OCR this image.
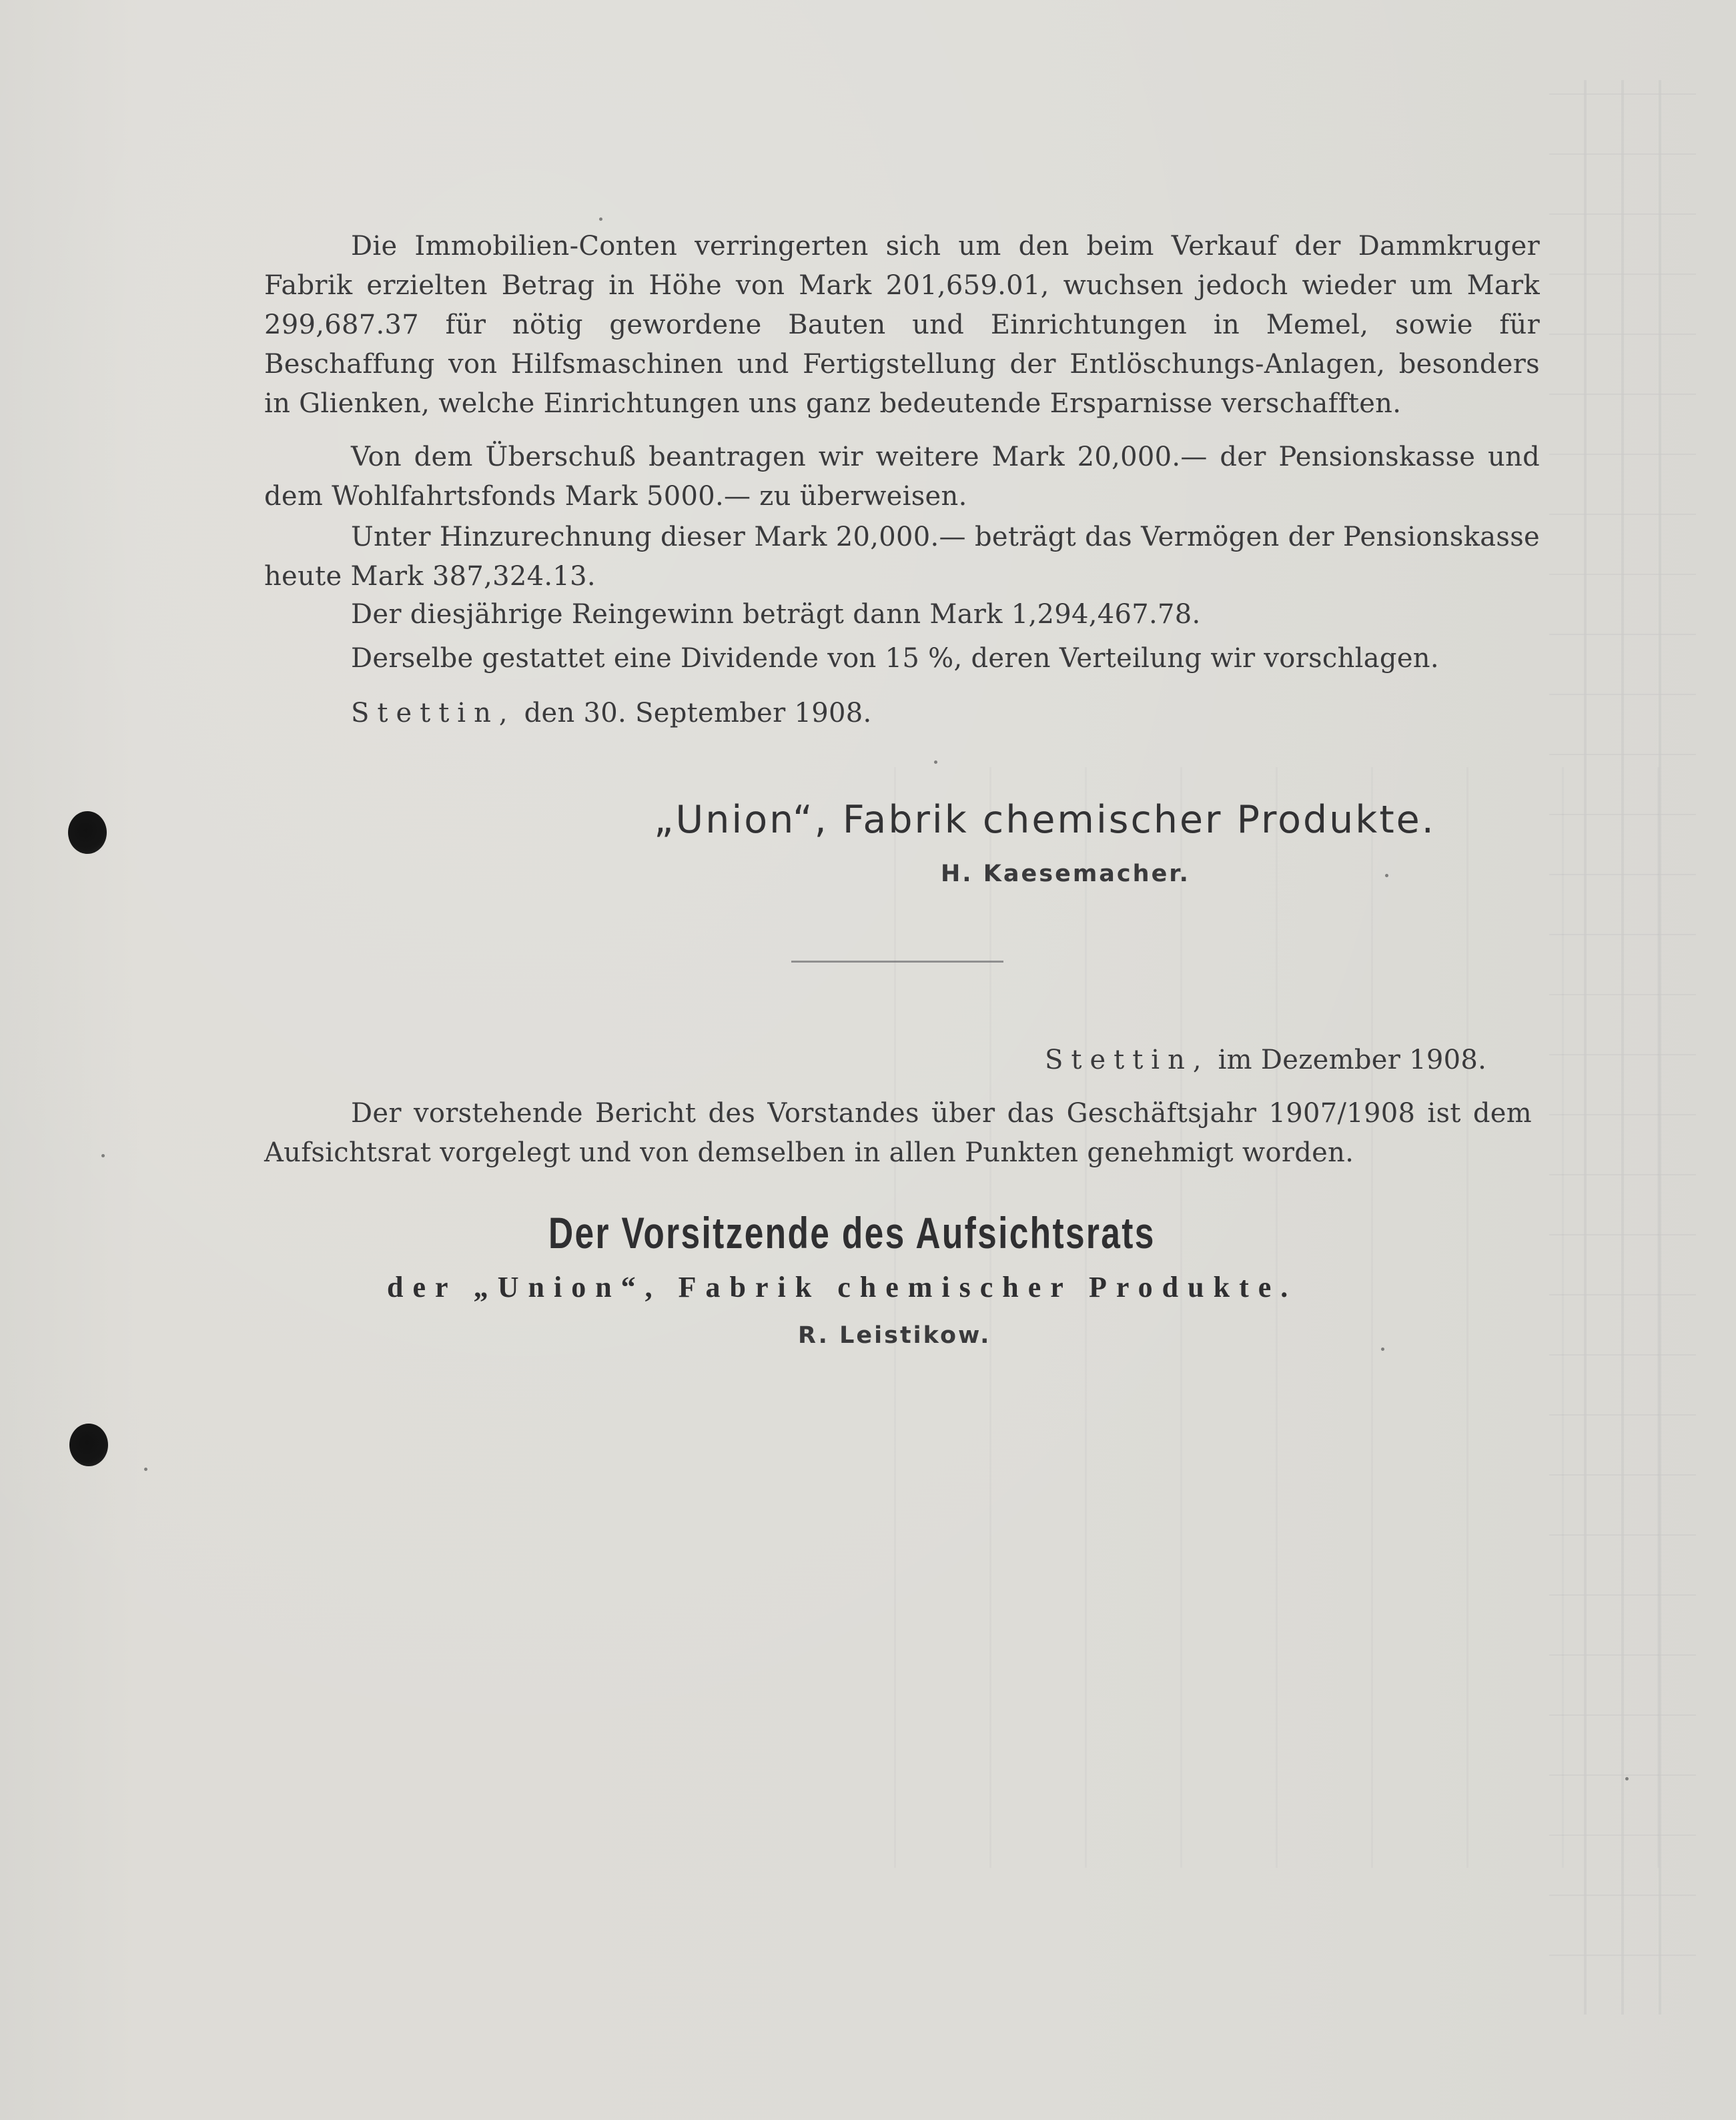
Die Immobilien-Conten verringerten sich um den beim Verkauf der Dammkruger Fabrik erzielten Betrag in Höhe von Mark 201,659.01, wuchsen jedoch wieder um Mark 299,687.37 für nötig gewordene Bauten und Einrichtungen in Memel, sowie für Beschaffung von Hilfsmaschinen und Fertigstellung der Entlöschungs-Anlagen, besonders in Glienken, welche Einrichtungen uns ganz bedeutende Ersparnisse verschafften.

Von dem Überschuß beantragen wir weitere Mark 20,000.— der Pensionskasse und dem Wohlfahrtsfonds Mark 5000.— zu überweisen.

Unter Hinzurechnung dieser Mark 20,000.— beträgt das Vermögen der Pensionskasse heute Mark 387,324.13.

Der diesjährige Reingewinn beträgt dann Mark 1,294,467.78.

Derselbe gestattet eine Dividende von 15 %, deren Verteilung wir vorschlagen.

Stettin, den 30. September 1908.

„Union“, Fabrik chemischer Produkte.

H. Kaesemacher.

Stettin, im Dezember 1908.

Der vorstehende Bericht des Vorstandes über das Geschäftsjahr 1907/1908 ist dem Aufsichtsrat vorgelegt und von demselben in allen Punkten genehmigt worden.

Der Vorsitzende des Aufsichtsrats

der „Union“, Fabrik chemischer Produkte.

R. Leistikow.
